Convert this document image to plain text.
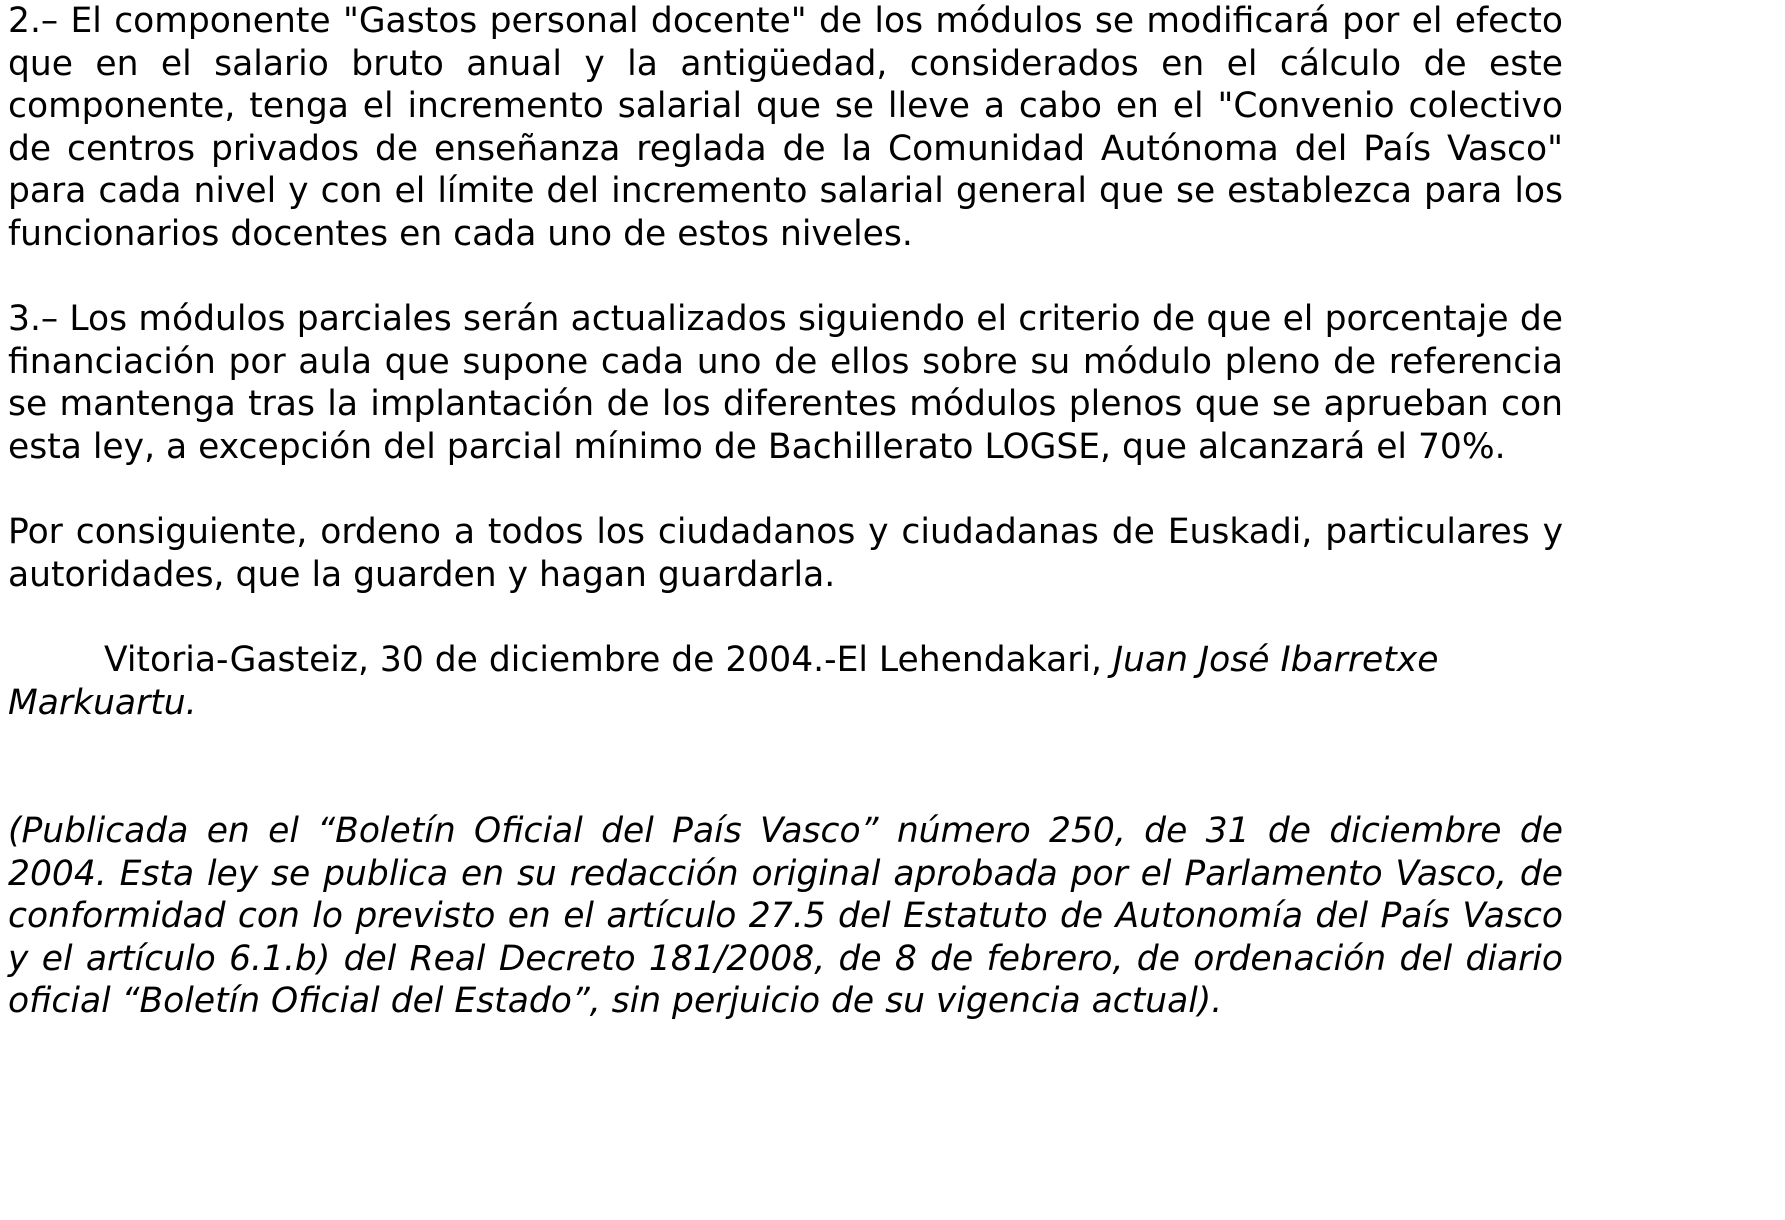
2.– El componente "Gastos personal docente" de los módulos se modificará por el efecto que en el salario bruto anual y la antigüedad, considerados en el cálculo de este componente, tenga el incremento salarial que se lleve a cabo en el "Convenio colectivo de centros privados de enseñanza reglada de la Comunidad Autónoma del País Vasco" para cada nivel y con el límite del incremento salarial general que se establezca para los funcionarios docentes en cada uno de estos niveles.

3.– Los módulos parciales serán actualizados siguiendo el criterio de que el porcentaje de financiación por aula que supone cada uno de ellos sobre su módulo pleno de referencia se mantenga tras la implantación de los diferentes módulos plenos que se aprueban con esta ley, a excepción del parcial mínimo de Bachillerato LOGSE, que alcanzará el 70%.

Por consiguiente, ordeno a todos los ciudadanos y ciudadanas de Euskadi, particulares y autoridades, que la guarden y hagan guardarla.

Vitoria-Gasteiz, 30 de diciembre de 2004.-El Lehendakari, Juan José Ibarretxe Markuartu.

(Publicada en el “Boletín Oficial del País Vasco” número 250, de 31 de diciembre de 2004. Esta ley se publica en su redacción original aprobada por el Parlamento Vasco, de conformidad con lo previsto en el artículo 27.5 del Estatuto de Autonomía del País Vasco y el artículo 6.1.b) del Real Decreto 181/2008, de 8 de febrero, de ordenación del diario oficial “Boletín Oficial del Estado”, sin perjuicio de su vigencia actual).
